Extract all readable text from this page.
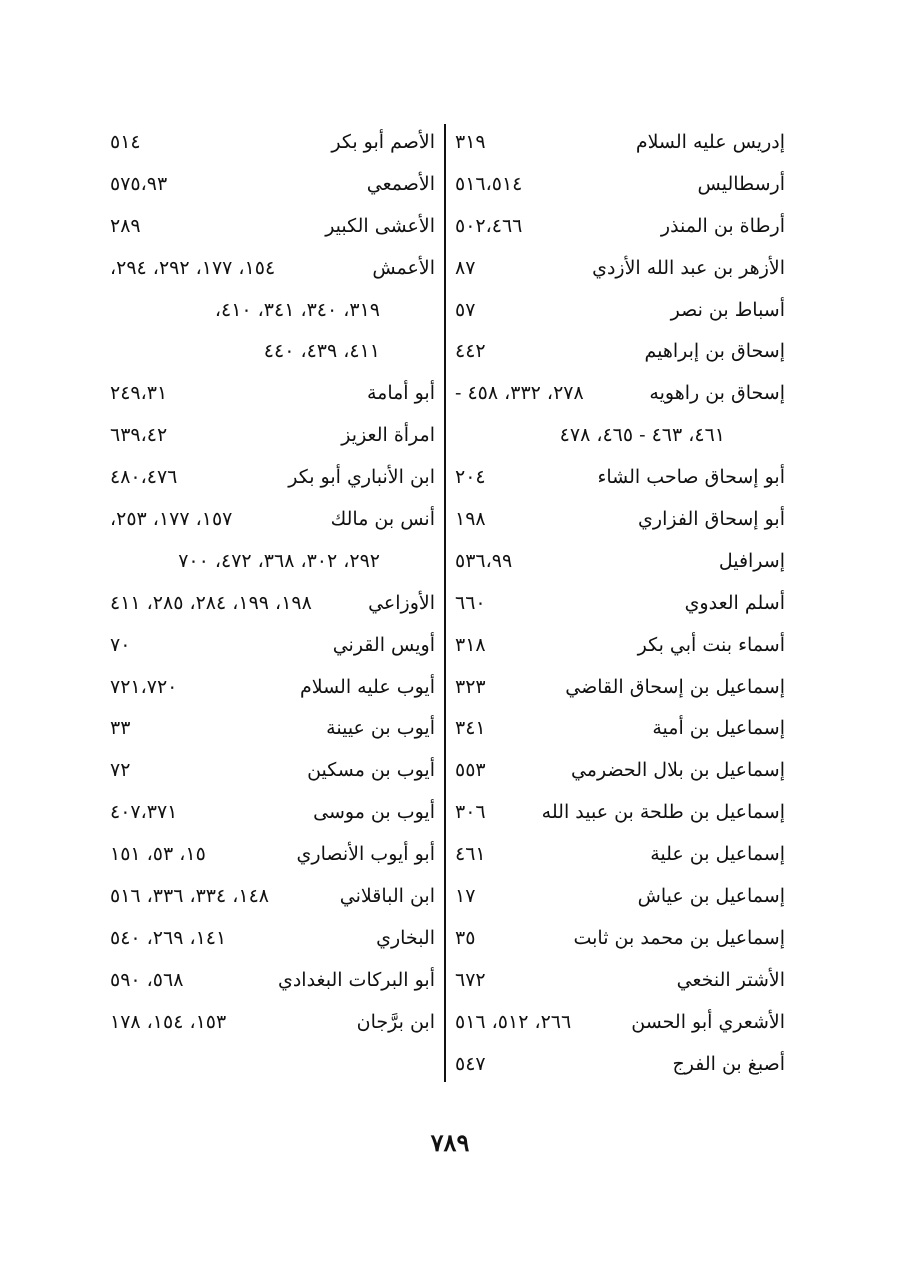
إدريس عليه السلام
٣١٩
أرسطاليس
٥١٦،٥١٤
أرطاة بن المنذر
٥٠٢،٤٦٦
الأزهر بن عبد الله الأزدي
٨٧
أسباط بن نصر
٥٧
إسحاق بن إبراهيم
٤٤٢
إسحاق بن راهويه
٢٧٨، ٣٣٢، ٤٥٨ -
٤٦١، ٤٦٣ - ٤٦٥، ٤٧٨
أبو إسحاق صاحب الشاء
٢٠٤
أبو إسحاق الفزاري
١٩٨
إسرافيل
٥٣٦،٩٩
أسلم العدوي
٦٦٠
أسماء بنت أبي بكر
٣١٨
إسماعيل بن إسحاق القاضي
٣٢٣
إسماعيل بن أمية
٣٤١
إسماعيل بن بلال الحضرمي
٥٥٣
إسماعيل بن طلحة بن عبيد الله
٣٠٦
إسماعيل بن علية
٤٦١
إسماعيل بن عياش
١٧
إسماعيل بن محمد بن ثابت
٣٥
الأشتر النخعي
٦٧٢
الأشعري أبو الحسن
٢٦٦، ٥١٢، ٥١٦
أصبغ بن الفرج
٥٤٧
الأصم أبو بكر
٥١٤
الأصمعي
٥٧٥،٩٣
الأعشى الكبير
٢٨٩
الأعمش
١٥٤، ١٧٧، ٢٩٢، ٢٩٤،
٣١٩، ٣٤٠، ٣٤١، ٤١٠،
٤١١، ٤٣٩، ٤٤٠
أبو أمامة
٢٤٩،٣١
امرأة العزيز
٦٣٩،٤٢
ابن الأنباري أبو بكر
٤٨٠،٤٧٦
أنس بن مالك
١٥٧، ١٧٧، ٢٥٣،
٢٩٢، ٣٠٢، ٣٦٨، ٤٧٢، ٧٠٠
الأوزاعي
١٩٨، ١٩٩، ٢٨٤، ٢٨٥، ٤١١
أويس القرني
٧٠
أيوب عليه السلام
٧٢١،٧٢٠
أيوب بن عيينة
٣٣
أيوب بن مسكين
٧٢
أيوب بن موسى
٤٠٧،٣٧١
أبو أيوب الأنصاري
١٥، ٥٣، ١٥١
ابن الباقلاني
١٤٨، ٣٣٤، ٣٣٦، ٥١٦
البخاري
١٤١، ٢٦٩، ٥٤٠
أبو البركات البغدادي
٥٦٨، ٥٩٠
ابن برَّجان
١٥٣، ١٥٤، ١٧٨
٧٨٩
